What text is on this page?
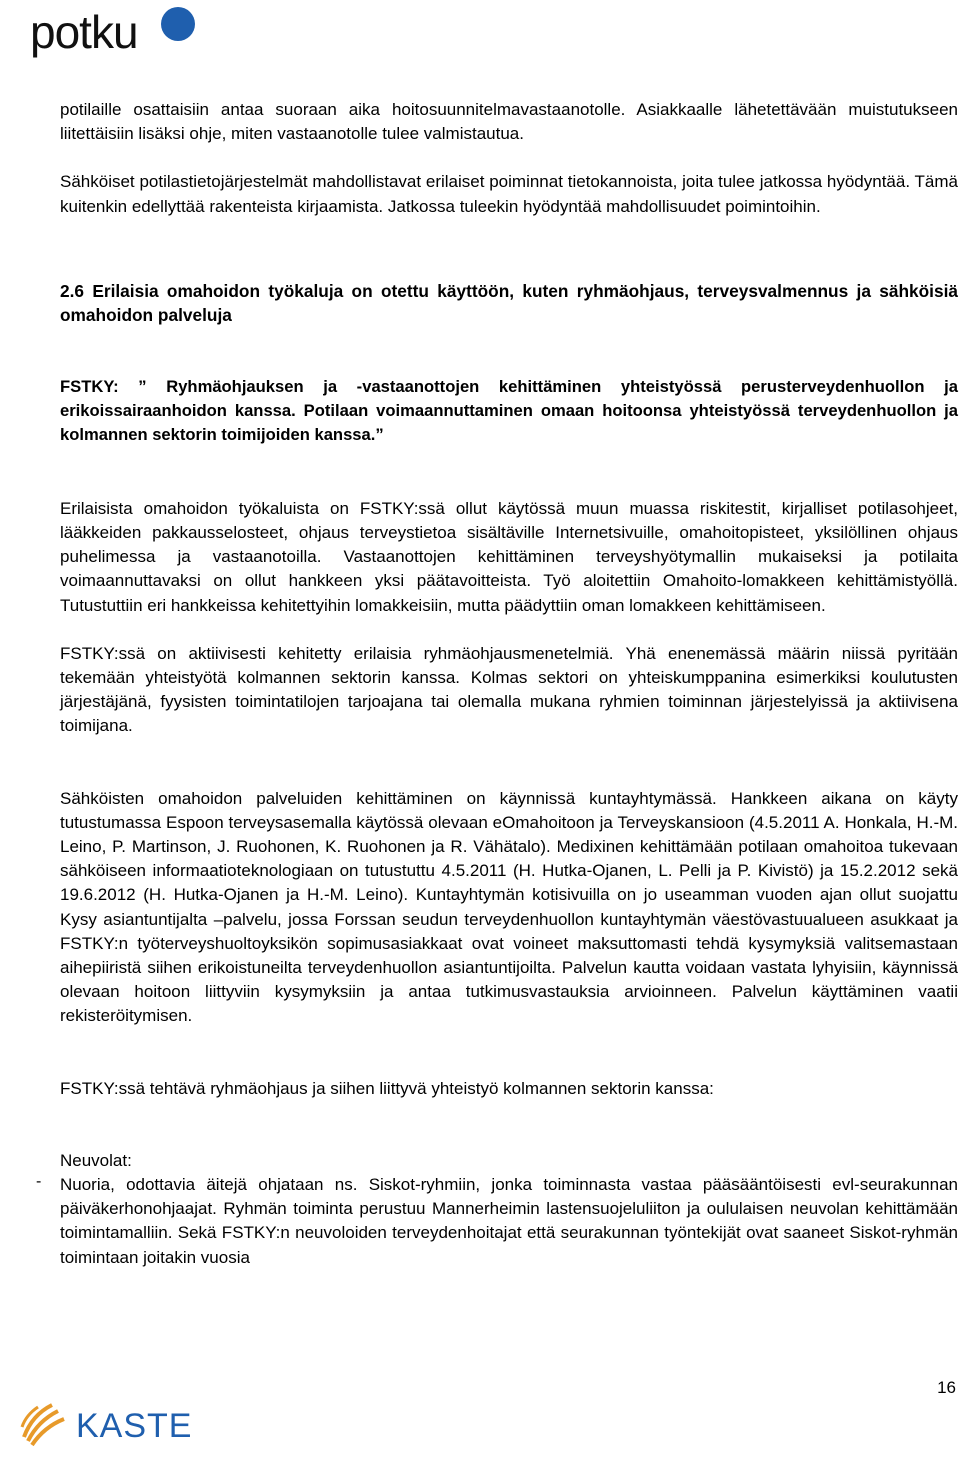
potku

potilaille osattaisiin antaa suoraan aika hoitosuunnitelmavastaanotolle. Asiakkaalle lähetettävään muistutukseen liitettäisiin lisäksi ohje, miten vastaanotolle tulee valmistautua.

Sähköiset potilastietojärjestelmät mahdollistavat erilaiset poiminnat tietokannoista, joita tulee jatkossa hyödyntää. Tämä kuitenkin edellyttää rakenteista kirjaamista. Jatkossa tuleekin hyödyntää mahdollisuudet poimintoihin.

2.6 Erilaisia omahoidon työkaluja on otettu käyttöön, kuten ryhmäohjaus, terveysvalmennus ja sähköisiä omahoidon palveluja

FSTKY: ” Ryhmäohjauksen ja -vastaanottojen kehittäminen yhteistyössä perusterveydenhuollon ja erikoissairaanhoidon kanssa. Potilaan voimaannuttaminen omaan hoitoonsa yhteistyössä terveydenhuollon ja kolmannen sektorin toimijoiden kanssa.”

Erilaisista omahoidon työkaluista on FSTKY:ssä ollut käytössä muun muassa riskitestit, kirjalliset potilasohjeet, lääkkeiden pakkausselosteet, ohjaus terveystietoa sisältäville Internetsivuille, omahoitopisteet, yksilöllinen ohjaus puhelimessa ja vastaanotoilla. Vastaanottojen kehittäminen terveyshyötymallin mukaiseksi ja potilaita voimaannuttavaksi on ollut hankkeen yksi päätavoitteista. Työ aloitettiin Omahoito-lomakkeen kehittämistyöllä. Tutustuttiin eri hankkeissa kehitettyihin lomakkeisiin, mutta päädyttiin oman lomakkeen kehittämiseen.

FSTKY:ssä on aktiivisesti kehitetty erilaisia ryhmäohjausmenetelmiä. Yhä enenemässä määrin niissä pyritään tekemään yhteistyötä kolmannen sektorin kanssa. Kolmas sektori on yhteiskumppanina esimerkiksi koulutusten järjestäjänä, fyysisten toimintatilojen tarjoajana tai olemalla mukana ryhmien toiminnan järjestelyissä ja aktiivisena toimijana.

Sähköisten omahoidon palveluiden kehittäminen on käynnissä kuntayhtymässä. Hankkeen aikana on käyty tutustumassa Espoon terveysasemalla käytössä olevaan eOmahoitoon ja Terveyskansioon (4.5.2011 A. Honkala, H.-M. Leino, P. Martinson, J. Ruohonen, K. Ruohonen ja R. Vähätalo). Medixinen kehittämään potilaan omahoitoa tukevaan sähköiseen informaatioteknologiaan on tutustuttu 4.5.2011 (H. Hutka-Ojanen, L. Pelli ja P. Kivistö) ja 15.2.2012 sekä 19.6.2012 (H. Hutka-Ojanen ja H.-M. Leino). Kuntayhtymän kotisivuilla on jo useamman vuoden ajan ollut suojattu Kysy asiantuntijalta –palvelu, jossa Forssan seudun terveydenhuollon kuntayhtymän väestövastuualueen asukkaat ja FSTKY:n työterveyshuoltoyksikön sopimusasiakkaat ovat voineet maksuttomasti tehdä kysymyksiä valitsemastaan aihepiiristä siihen erikoistuneilta terveydenhuollon asiantuntijoilta. Palvelun kautta voidaan vastata lyhyisiin, käynnissä olevaan hoitoon liittyviin kysymyksiin ja antaa tutkimusvastauksia arvioinneen. Palvelun käyttäminen vaatii rekisteröitymisen.

FSTKY:ssä tehtävä ryhmäohjaus ja siihen liittyvä yhteistyö kolmannen sektorin kanssa:

Neuvolat:

- Nuoria, odottavia äitejä ohjataan ns. Siskot-ryhmiin, jonka toiminnasta vastaa pääsääntöisesti evl-seurakunnan päiväkerhonohjaajat. Ryhmän toiminta perustuu Mannerheimin lastensuojeluliiton ja oululaisen neuvolan kehittämään toimintamalliin. Sekä FSTKY:n neuvoloiden terveydenhoitajat että seurakunnan työntekijät ovat saaneet Siskot-ryhmän toimintaan joitakin vuosia

16
KASTE
